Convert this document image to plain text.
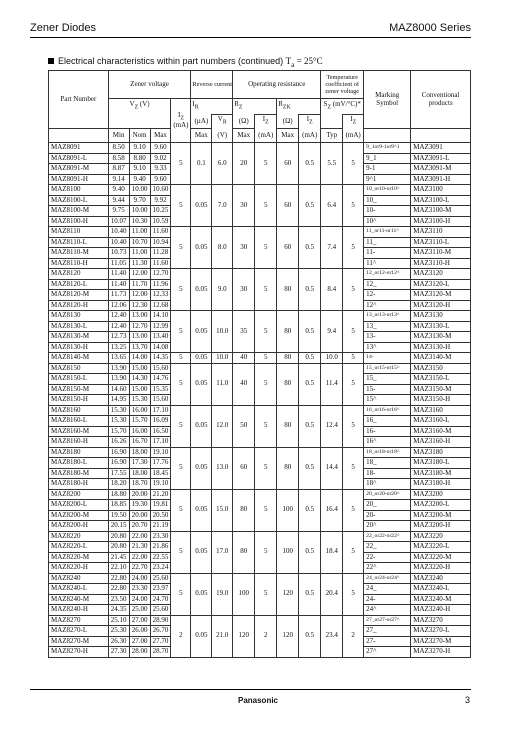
Zener Diodes	MAZ8000 Series
Electrical characteristics within part numbers (continued) $T_a = 25^\circ C$
Part Number	Zener voltage				Reverse current		Operating resistance				Temperature coefficient of zener voltage		Marking Symbol	Conventional products
	$V_Z$ (V)			$I_Z$
(mA)	$I_R$		$R_Z$		$R_{ZK}$		$S_Z$ (mV/°C)*			
					(µA)	$V_R$	(Ω)	$I_Z$	(Ω)	$I_Z$		$I_Z$
	Min	Nom	Max		Max	(V)	Max	(mA)	Max	(mA)	Typ	(mA)		
MAZ8091	8.50	9.10	9.60	5	0.1	6.0	20	5	60	0.5	5.5	5	9_1or9-1or9^1	MAZ3091
MAZ8091-L	8.58	8.80	9.02										9_1	MAZ3091-L
MAZ8091-M	8.87	9.10	9.33										9-1	MAZ3091-M
MAZ8091-H	9.14	9.40	9.60										9^1	MAZ3091-H
MAZ8100	9.40	10.00	10.60	5	0.05	7.0	30	5	60	0.5	6.4	5	10_or10-or10^	MAZ3100
MAZ8100-L	9.44	9.70	9.92										10_	MAZ3100-L
MAZ8100-M	9.75	10.00	10.25										10-	MAZ3100-M
MAZ8100-H	10.07	10.30	10.59										10^	MAZ3100-H
MAZ8110	10.40	11.00	11.60	5	0.05	8.0	30	5	60	0.5	7.4	5	11_or11-or11^	MAZ3110
MAZ8110-L	10.40	10.70	10.94										11_	MAZ3110-L
MAZ8110-M	10.73	11.00	11.28										11-	MAZ3110-M
MAZ8110-H	11.05	11.30	11.60										11^	MAZ3110-H
MAZ8120	11.40	12.00	12.70	5	0.05	9.0	30	5	80	0.5	8.4	5	12_or12-or12^	MAZ3120
MAZ8120-L	11.40	11.70	11.96										12_	MAZ3120-L
MAZ8120-M	11.73	12.00	12.33										12-	MAZ3120-M
MAZ8120-H	12.06	12.30	12.68										12^	MAZ3120-H
MAZ8130	12.40	13.00	14.10	5	0.05	10.0	35	5	80	0.5	9.4	5	13_or13-or13^	MAZ3130
MAZ8130-L	12.40	12.70	12.99										13_	MAZ3130-L
MAZ8130-M	12.73	13.00	13.40										13-	MAZ3130-M
MAZ8130-H	13.25	13.70	14.08										13^	MAZ3130-H
MAZ8140-M	13.65	14.00	14.35	5	0.05	10.0	40	5	80	0.5	10.0	5	14-	MAZ3140-M
MAZ8150	13.90	15.00	15.60	5	0.05	11.0	40	5	80	0.5	11.4	5	15_or15-or15^	MAZ3150
MAZ8150-L	13.90	14.30	14.76										15_	MAZ3150-L
MAZ8150-M	14.60	15.00	15.35										15-	MAZ3150-M
MAZ8150-H	14.95	15.30	15.60										15^	MAZ3150-H
MAZ8160	15.30	16.00	17.10	5	0.05	12.0	50	5	80	0.5	12.4	5	16_or16-or16^	MAZ3160
MAZ8160-L	15.30	15.70	16.09										16_	MAZ3160-L
MAZ8160-M	15.70	16.00	16.50										16-	MAZ3160-M
MAZ8160-H	16.26	16.70	17.10										16^	MAZ3160-H
MAZ8180	16.90	18.00	19.10	5	0.05	13.0	60	5	80	0.5	14.4	5	18_or18-or18^	MAZ3180
MAZ8180-L	16.90	17.30	17.76										18_	MAZ3180-L
MAZ8180-M	17.55	18.00	18.45										18-	MAZ3180-M
MAZ8180-H	18.20	18.70	19.10										18^	MAZ3180-H
MAZ8200	18.80	20.00	21.20	5	0.05	15.0	80	5	100	0.5	16.4	5	20_or20-or20^	MAZ3200
MAZ8200-L	18.85	19.30	19.81										20_	MAZ3200-L
MAZ8200-M	19.50	20.00	20.50										20-	MAZ3200-M
MAZ8200-H	20.15	20.70	21.19										20^	MAZ3200-H
MAZ8220	20.80	22.00	23.30	5	0.05	17.0	80	5	100	0.5	18.4	5	22_or22-or22^	MAZ3220
MAZ8220-L	20.80	21.30	21.86										22_	MAZ3220-L
MAZ8220-M	21.45	22.00	22.55										22-	MAZ3220-M
MAZ8220-H	22.10	22.70	23.24										22^	MAZ3220-H
MAZ8240	22.80	24.00	25.60	5	0.05	19.0	100	5	120	0.5	20.4	5	24_or24-or24^	MAZ3240
MAZ8240-L	22.80	23.30	23.97										24_	MAZ3240-L
MAZ8240-M	23.50	24.00	24.70										24-	MAZ3240-M
MAZ8240-H	24.35	25.00	25.60										24^	MAZ3240-H
MAZ8270	25.10	27.00	28.90	2	0.05	21.0	120	2	120	0.5	23.4	2	27_or27-or27^	MAZ3270
MAZ8270-L	25.30	26.00	26.70										27_	MAZ3270-L
MAZ8270-M	26.30	27.00	27.70										27-	MAZ3270-M
MAZ8270-H	27.30	28.00	28.70										27^	MAZ3270-H
Panasonic	3
